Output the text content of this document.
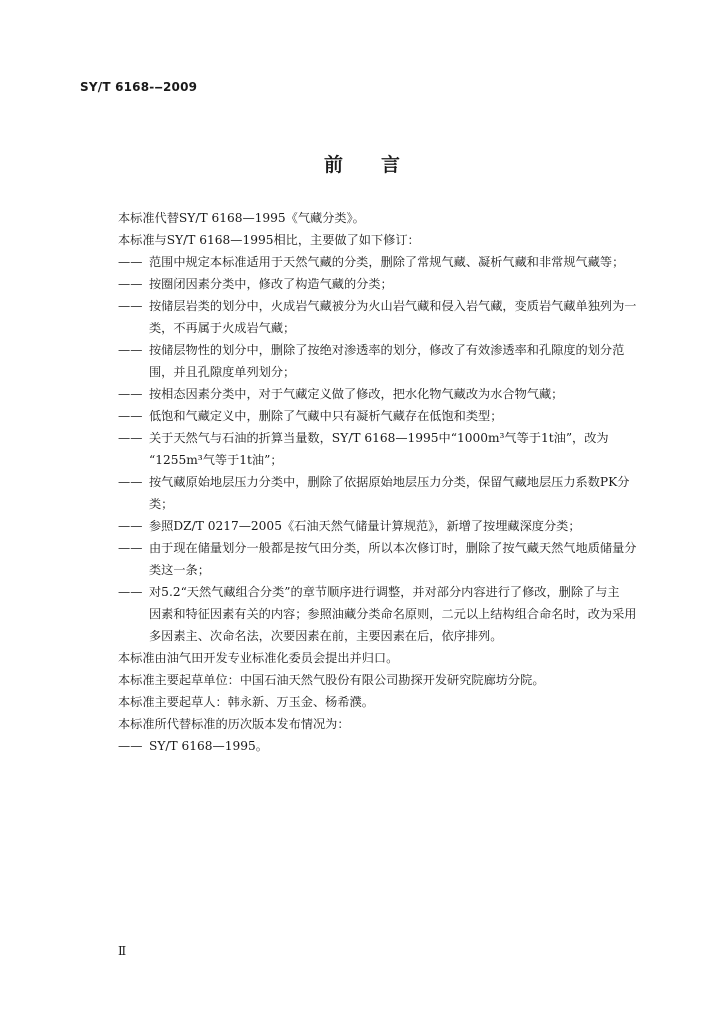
SY/T 6168-‒2009
前 言
本标准代替SY/T 6168—1995《气藏分类》。
本标准与SY/T 6168—1995相比，主要做了如下修订：
—— 范围中规定本标准适用于天然气藏的分类，删除了常规气藏、凝析气藏和非常规气藏等；
—— 按圈闭因素分类中，修改了构造气藏的分类；
—— 按储层岩类的划分中，火成岩气藏被分为火山岩气藏和侵入岩气藏，变质岩气藏单独列为一
类，不再属于火成岩气藏；
—— 按储层物性的划分中，删除了按绝对渗透率的划分，修改了有效渗透率和孔隙度的划分范
围，并且孔隙度单列划分；
—— 按相态因素分类中，对于气藏定义做了修改，把水化物气藏改为水合物气藏；
—— 低饱和气藏定义中，删除了气藏中只有凝析气藏存在低饱和类型；
—— 关于天然气与石油的折算当量数，SY/T 6168—1995中“1000m³气等于1t油”，改为
“1255m³气等于1t油”；
—— 按气藏原始地层压力分类中，删除了依据原始地层压力分类，保留气藏地层压力系数PK分
类；
—— 参照DZ/T 0217—2005《石油天然气储量计算规范》，新增了按埋藏深度分类；
—— 由于现在储量划分一般都是按气田分类，所以本次修订时，删除了按气藏天然气地质储量分
类这一条；
—— 对5.2“天然气藏组合分类”的章节顺序进行调整，并对部分内容进行了修改，删除了与主
因素和特征因素有关的内容；参照油藏分类命名原则，二元以上结构组合命名时，改为采用
多因素主、次命名法，次要因素在前，主要因素在后，依序排列。
本标准由油气田开发专业标准化委员会提出并归口。
本标准主要起草单位：中国石油天然气股份有限公司勘探开发研究院廊坊分院。
本标准主要起草人：韩永新、万玉金、杨希濮。
本标准所代替标准的历次版本发布情况为：
—— SY/T 6168—1995。
Ⅱ
